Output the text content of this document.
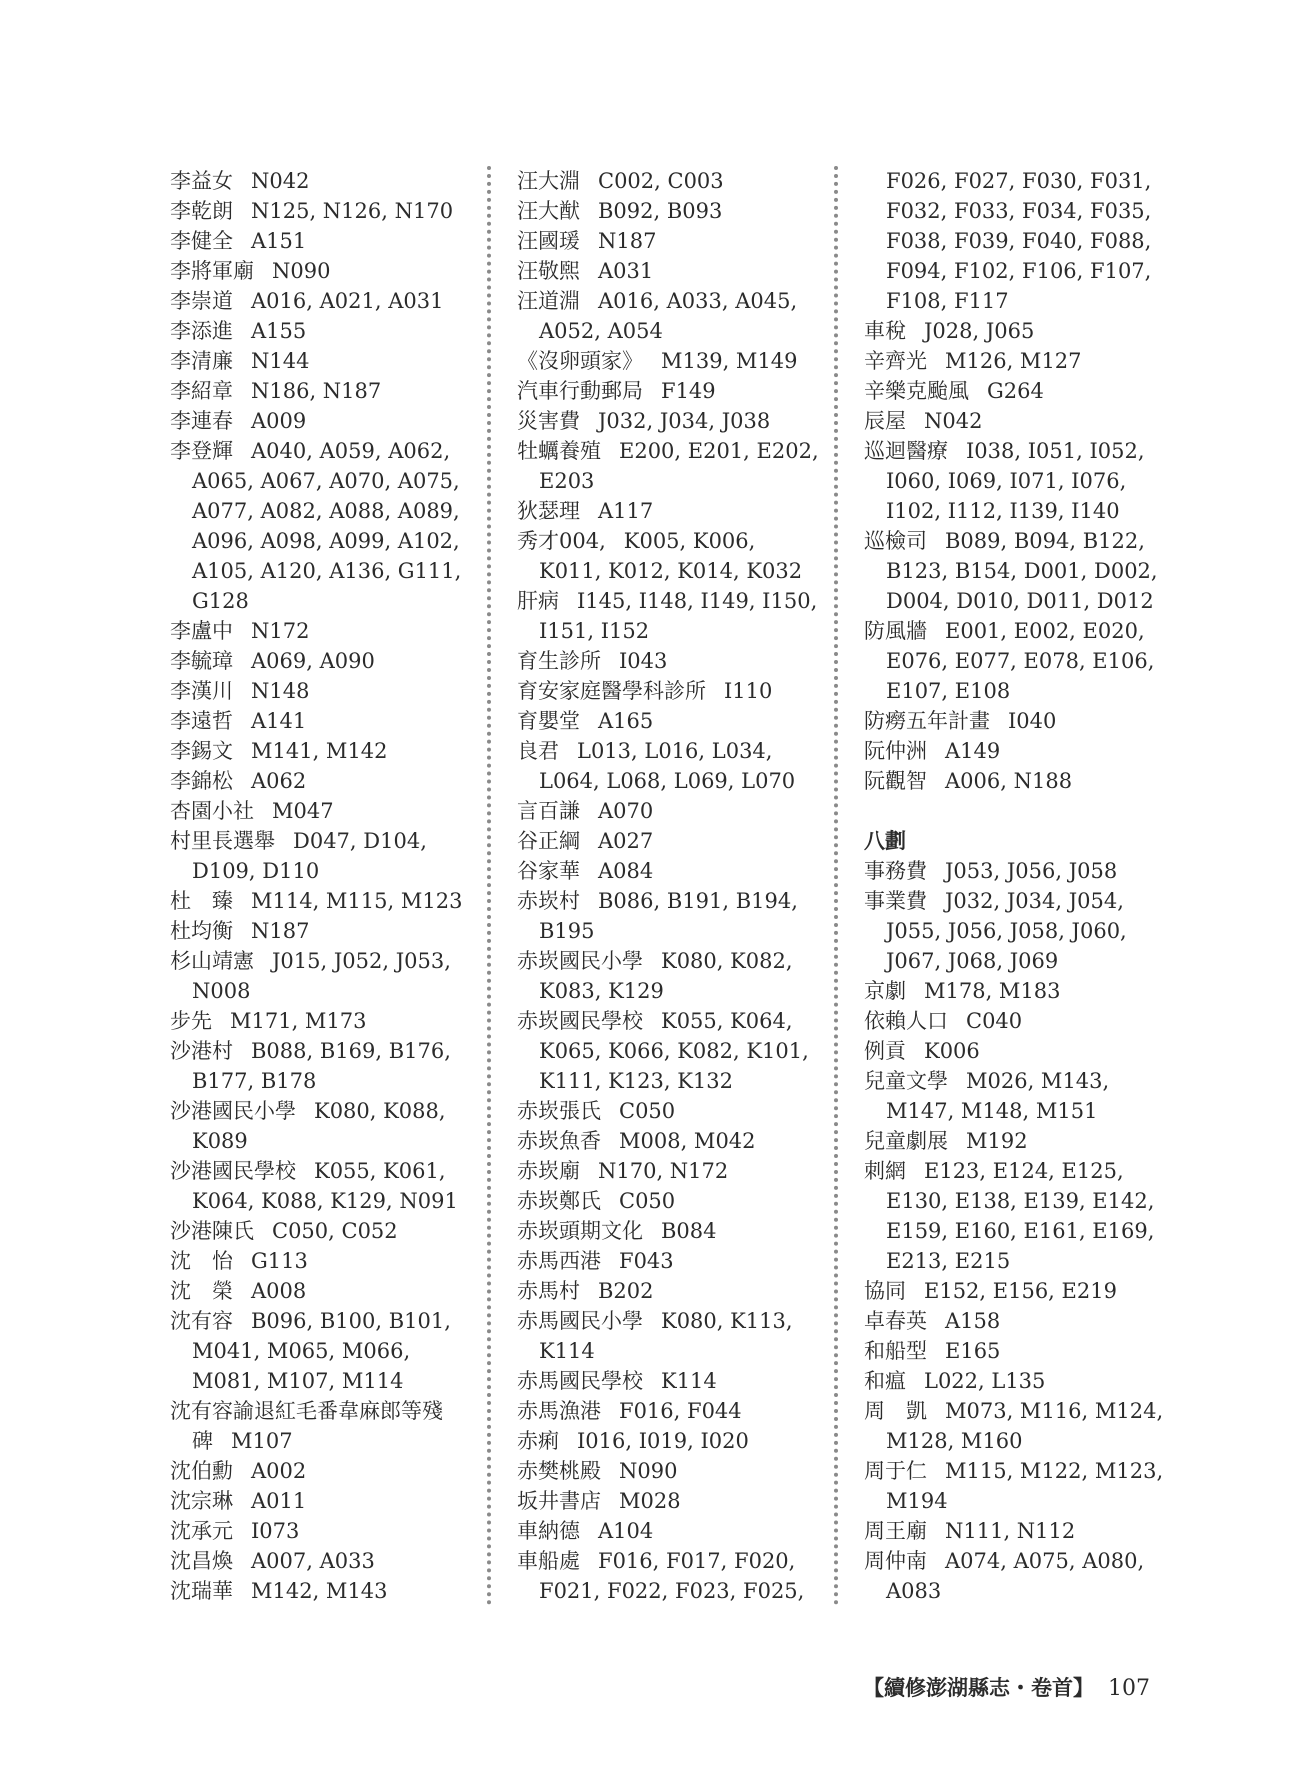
李益女 N042
李乾朗 N125, N126, N170
李健全 A151
李將軍廟 N090
李崇道 A016, A021, A031
李添進 A155
李清廉 N144
李紹章 N186, N187
李連春 A009
李登輝 A040, A059, A062, A065, A067, A070, A075, A077, A082, A088, A089, A096, A098, A099, A102, A105, A120, A136, G111, G128
李盧中 N172
李毓璋 A069, A090
李漢川 N148
李遠哲 A141
李錫文 M141, M142
李錦松 A062
杏園小社 M047
村里長選舉 D047, D104, D109, D110
杜　臻 M114, M115, M123
杜均衡 N187
杉山靖憲 J015, J052, J053, N008
步先 M171, M173
沙港村 B088, B169, B176, B177, B178
沙港國民小學 K080, K088, K089
沙港國民學校 K055, K061, K064, K088, K129, N091
沙港陳氏 C050, C052
沈　怡 G113
沈　榮 A008
沈有容 B096, B100, B101, M041, M065, M066, M081, M107, M114
沈有容諭退紅毛番韋麻郎等殘碑 M107
沈伯勳 A002
沈宗琳 A011
沈承元 I073
沈昌煥 A007, A033
沈瑞華 M142, M143
汪大淵 C002, C003
汪大猷 B092, B093
汪國瑗 N187
汪敬煕 A031
汪道淵 A016, A033, A045, A052, A054
《沒卵頭家》 M139, M149
汽車行動郵局 F149
災害費 J032, J034, J038
牡蠣養殖 E200, E201, E202, E203
狄瑟理 A117
秀才004, K005, K006, K011, K012, K014, K032
肝病 I145, I148, I149, I150, I151, I152
育生診所 I043
育安家庭醫學科診所 I110
育嬰堂 A165
良君 L013, L016, L034, L064, L068, L069, L070
言百謙 A070
谷正綱 A027
谷家華 A084
赤崁村 B086, B191, B194, B195
赤崁國民小學 K080, K082, K083, K129
赤崁國民學校 K055, K064, K065, K066, K082, K101, K111, K123, K132
赤崁張氏 C050
赤崁魚香 M008, M042
赤崁廟 N170, N172
赤崁鄭氏 C050
赤崁頭期文化 B084
赤馬西港 F043
赤馬村 B202
赤馬國民小學 K080, K113, K114
赤馬國民學校 K114
赤馬漁港 F016, F044
赤痢 I016, I019, I020
赤樊桃殿 N090
坂井書店 M028
車納德 A104
車船處 F016, F017, F020, F021, F022, F023, F025,
F026, F027, F030, F031, F032, F033, F034, F035, F038, F039, F040, F088, F094, F102, F106, F107, F108, F117
車稅 J028, J065
辛齊光 M126, M127
辛樂克颱風 G264
辰屋 N042
巡迴醫療 I038, I051, I052, I060, I069, I071, I076, I102, I112, I139, I140
巡檢司 B089, B094, B122, B123, B154, D001, D002, D004, D010, D011, D012
防風牆 E001, E002, E020, E076, E077, E078, E106, E107, E108
防癆五年計畫 I040
阮仲洲 A149
阮觀智 A006, N188
八劃
事務費 J053, J056, J058
事業費 J032, J034, J054, J055, J056, J058, J060, J067, J068, J069
京劇 M178, M183
依賴人口 C040
例貢 K006
兒童文學 M026, M143, M147, M148, M151
兒童劇展 M192
刺網 E123, E124, E125, E130, E138, E139, E142, E159, E160, E161, E169, E213, E215
協同 E152, E156, E219
卓春英 A158
和船型 E165
和瘟 L022, L135
周　凱 M073, M116, M124, M128, M160
周于仁 M115, M122, M123, M194
周王廟 N111, N112
周仲南 A074, A075, A080, A083
【續修澎湖縣志・卷首】 107
